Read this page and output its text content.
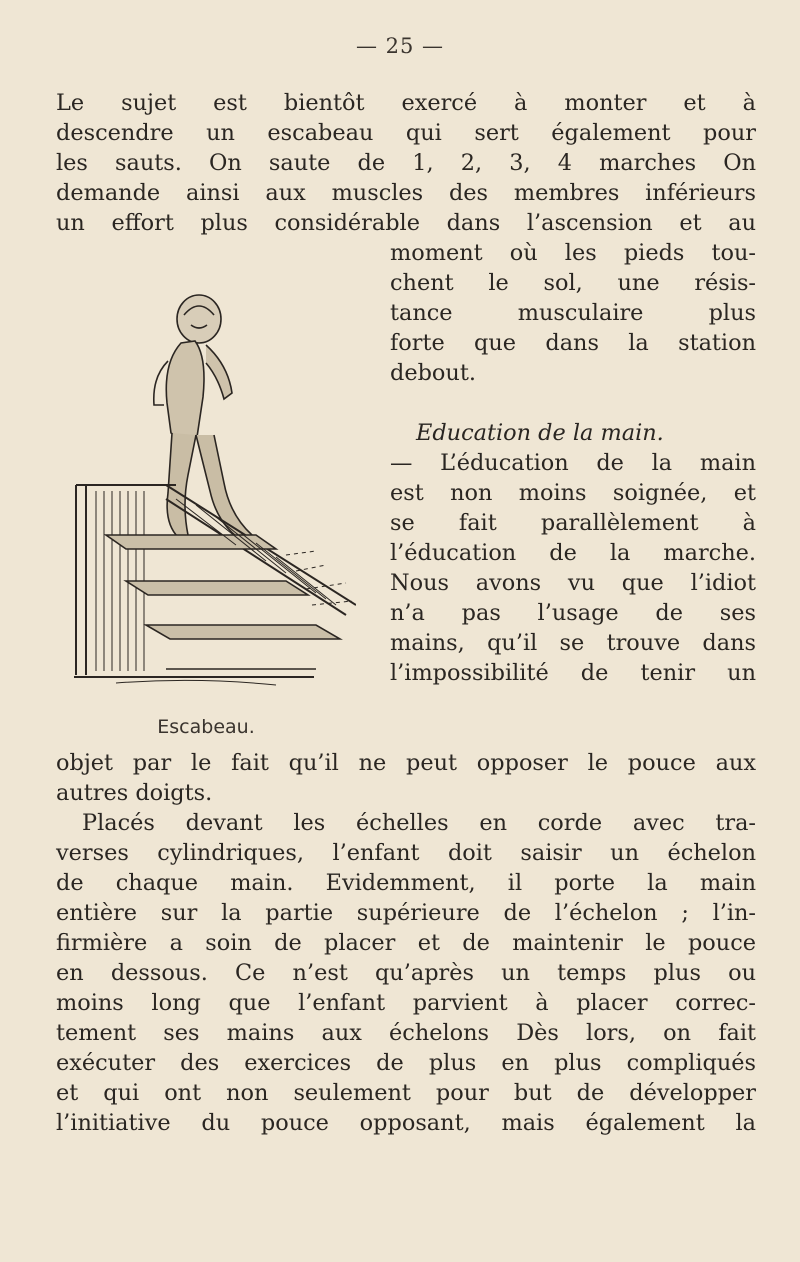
— 25 —
Le sujet est bientôt exercé à monter et à
descendre un escabeau qui sert également pour
les sauts. On saute de 1, 2, 3, 4 marches On
demande ainsi aux muscles des membres inférieurs
un effort plus considérable dans l’ascension et au
moment où les pieds tou-
chent le sol, une résis-
tance musculaire plus
forte que dans la station
debout.
Education de la main.
— L’éducation de la main
est non moins soignée, et
se fait parallèlement à
l’éducation de la marche.
Nous avons vu que l’idiot
n’a pas l’usage de ses
mains, qu’il se trouve dans
l’impossibilité de tenir un
Escabeau.
objet par le fait qu’il ne peut opposer le pouce aux
autres doigts.
Placés devant les échelles en corde avec tra-
verses cylindriques, l’enfant doit saisir un échelon
de chaque main. Evidemment, il porte la main
entière sur la partie supérieure de l’échelon ; l’in-
firmière a soin de placer et de maintenir le pouce
en dessous. Ce n’est qu’après un temps plus ou
moins long que l’enfant parvient à placer correc-
tement ses mains aux échelons Dès lors, on fait
exécuter des exercices de plus en plus compliqués
et qui ont non seulement pour but de développer
l’initiative du pouce opposant, mais également la
